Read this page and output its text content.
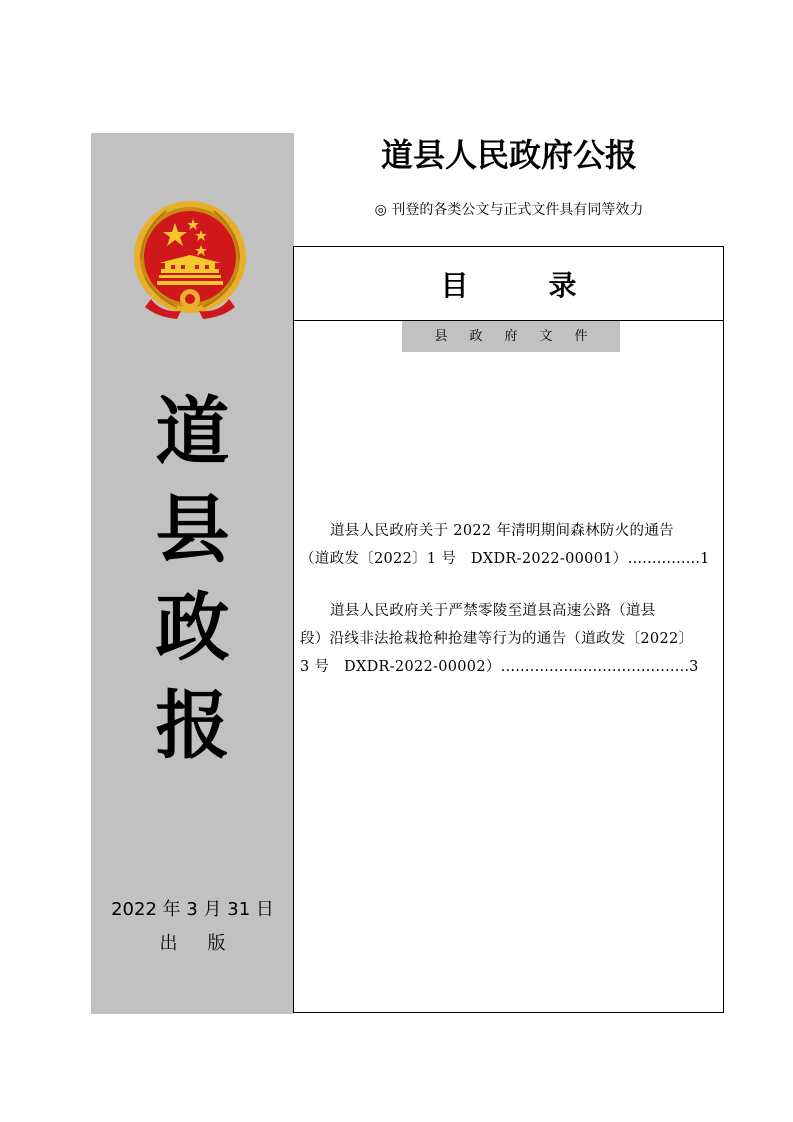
道
县
政
报
2022 年 3 月 31 日
出版
道县人民政府公报
◎ 刊登的各类公文与正式文件具有同等效力
目录
县政府文件
道县人民政府关于 2022 年清明期间森林防火的通告
（道政发〔2022〕1 号　DXDR-2022-00001）……………1
道县人民政府关于严禁零陵至道县高速公路（道县
段）沿线非法抢栽抢种抢建等行为的通告（道政发〔2022〕
3 号　DXDR-2022-00002）…………………………………3
